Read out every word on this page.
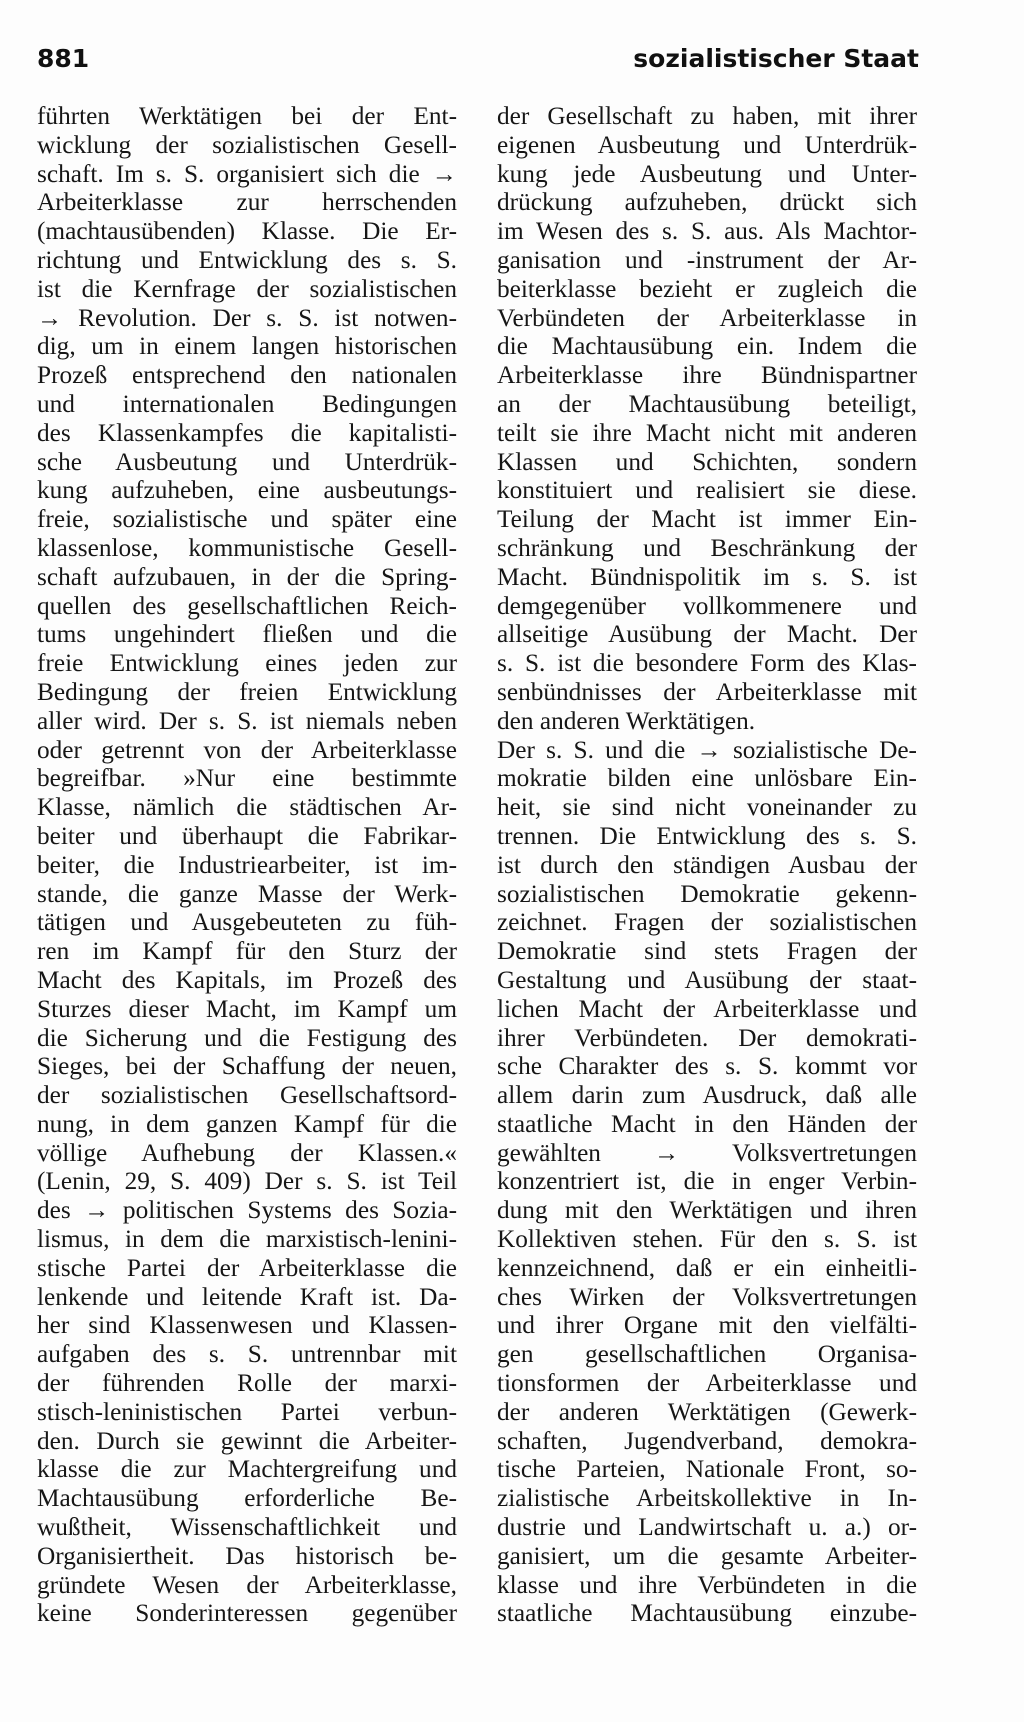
881	sozialistischer Staat
führten Werktätigen bei der Ent-
wicklung der sozialistischen Gesell-
schaft. Im s. S. organisiert sich die →
Arbeiterklasse zur herrschenden
(machtausübenden) Klasse. Die Er-
richtung und Entwicklung des s. S.
ist die Kernfrage der sozialistischen
→ Revolution. Der s. S. ist notwen-
dig, um in einem langen historischen
Prozeß entsprechend den nationalen
und internationalen Bedingungen
des Klassenkampfes die kapitalisti-
sche Ausbeutung und Unterdrük-
kung aufzuheben, eine ausbeutungs-
freie, sozialistische und später eine
klassenlose, kommunistische Gesell-
schaft aufzubauen, in der die Spring-
quellen des gesellschaftlichen Reich-
tums ungehindert fließen und die
freie Entwicklung eines jeden zur
Bedingung der freien Entwicklung
aller wird. Der s. S. ist niemals neben
oder getrennt von der Arbeiterklasse
begreifbar. »Nur eine bestimmte
Klasse, nämlich die städtischen Ar-
beiter und überhaupt die Fabrikar-
beiter, die Industriearbeiter, ist im-
stande, die ganze Masse der Werk-
tätigen und Ausgebeuteten zu füh-
ren im Kampf für den Sturz der
Macht des Kapitals, im Prozeß des
Sturzes dieser Macht, im Kampf um
die Sicherung und die Festigung des
Sieges, bei der Schaffung der neuen,
der sozialistischen Gesellschaftsord-
nung, in dem ganzen Kampf für die
völlige Aufhebung der Klassen.«
(Lenin, 29, S. 409) Der s. S. ist Teil
des → politischen Systems des Sozia-
lismus, in dem die marxistisch-lenini-
stische Partei der Arbeiterklasse die
lenkende und leitende Kraft ist. Da-
her sind Klassenwesen und Klassen-
aufgaben des s. S. untrennbar mit
der führenden Rolle der marxi-
stisch-leninistischen Partei verbun-
den. Durch sie gewinnt die Arbeiter-
klasse die zur Machtergreifung und
Machtausübung erforderliche Be-
wußtheit, Wissenschaftlichkeit und
Organisiertheit. Das historisch be-
gründete Wesen der Arbeiterklasse,
keine Sonderinteressen gegenüber
der Gesellschaft zu haben, mit ihrer
eigenen Ausbeutung und Unterdrük-
kung jede Ausbeutung und Unter-
drückung aufzuheben, drückt sich
im Wesen des s. S. aus. Als Machtor-
ganisation und -instrument der Ar-
beiterklasse bezieht er zugleich die
Verbündeten der Arbeiterklasse in
die Machtausübung ein. Indem die
Arbeiterklasse ihre Bündnispartner
an der Machtausübung beteiligt,
teilt sie ihre Macht nicht mit anderen
Klassen und Schichten, sondern
konstituiert und realisiert sie diese.
Teilung der Macht ist immer Ein-
schränkung und Beschränkung der
Macht. Bündnispolitik im s. S. ist
demgegenüber vollkommenere und
allseitige Ausübung der Macht. Der
s. S. ist die besondere Form des Klas-
senbündnisses der Arbeiterklasse mit
den anderen Werktätigen.
Der s. S. und die → sozialistische De-
mokratie bilden eine unlösbare Ein-
heit, sie sind nicht voneinander zu
trennen. Die Entwicklung des s. S.
ist durch den ständigen Ausbau der
sozialistischen Demokratie gekenn-
zeichnet. Fragen der sozialistischen
Demokratie sind stets Fragen der
Gestaltung und Ausübung der staat-
lichen Macht der Arbeiterklasse und
ihrer Verbündeten. Der demokrati-
sche Charakter des s. S. kommt vor
allem darin zum Ausdruck, daß alle
staatliche Macht in den Händen der
gewählten → Volksvertretungen
konzentriert ist, die in enger Verbin-
dung mit den Werktätigen und ihren
Kollektiven stehen. Für den s. S. ist
kennzeichnend, daß er ein einheitli-
ches Wirken der Volksvertretungen
und ihrer Organe mit den vielfälti-
gen gesellschaftlichen Organisa-
tionsformen der Arbeiterklasse und
der anderen Werktätigen (Gewerk-
schaften, Jugendverband, demokra-
tische Parteien, Nationale Front, so-
zialistische Arbeitskollektive in In-
dustrie und Landwirtschaft u. a.) or-
ganisiert, um die gesamte Arbeiter-
klasse und ihre Verbündeten in die
staatliche Machtausübung einzube-
